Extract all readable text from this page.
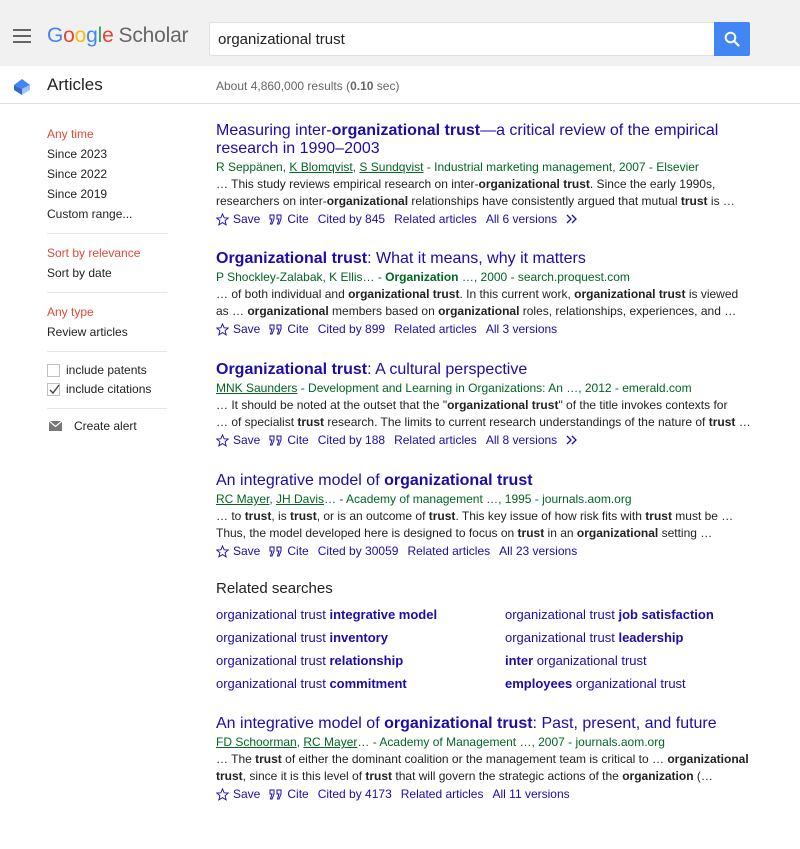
Google Scholar
organizational trust
Articles	About 4,860,000 results (0.10 sec)
Any time
Since 2023
Since 2022
Since 2019
Custom range...
Sort by relevance
Sort by date
Any type
Review articles
include patents
include citations
Create alert
Measuring inter-organizational trust—a critical review of the empirical research in 1990–2003
R Seppänen, K Blomqvist, S Sundqvist - Industrial marketing management, 2007 - Elsevier
… This study reviews empirical research on inter-organizational trust. Since the early 1990s,
researchers on inter-organizational relationships have consistently argued that mutual trust is …
Save	Cite Cited by 845 Related articles All 6 versions
Organizational trust: What it means, why it matters
P Shockley-Zalabak, K Ellis… - Organization …, 2000 - search.proquest.com
… of both individual and organizational trust. In this current work, organizational trust is viewed
as … organizational members based on organizational roles, relationships, experiences, and …
Save	Cite Cited by 899 Related articles All 3 versions
Organizational trust: A cultural perspective
MNK Saunders - Development and Learning in Organizations: An …, 2012 - emerald.com
… It should be noted at the outset that the "organizational trust" of the title invokes contexts for
… of specialist trust research. The limits to current research understandings of the nature of trust …
Save	Cite Cited by 188 Related articles All 8 versions
An integrative model of organizational trust
RC Mayer, JH Davis… - Academy of management …, 1995 - journals.aom.org
… to trust, is trust, or is an outcome of trust. This key issue of how risk fits with trust must be …
Thus, the model developed here is designed to focus on trust in an organizational setting …
Save	Cite Cited by 30059 Related articles All 23 versions
Related searches
organizational trust integrative model	organizational trust job satisfaction
organizational trust inventory	organizational trust leadership
organizational trust relationship	inter organizational trust
organizational trust commitment	employees organizational trust
An integrative model of organizational trust: Past, present, and future
FD Schoorman, RC Mayer… - Academy of Management …, 2007 - journals.aom.org
… The trust of either the dominant coalition or the management team is critical to … organizational
trust, since it is this level of trust that will govern the strategic actions of the organization (…
Save	Cite Cited by 4173 Related articles All 11 versions
